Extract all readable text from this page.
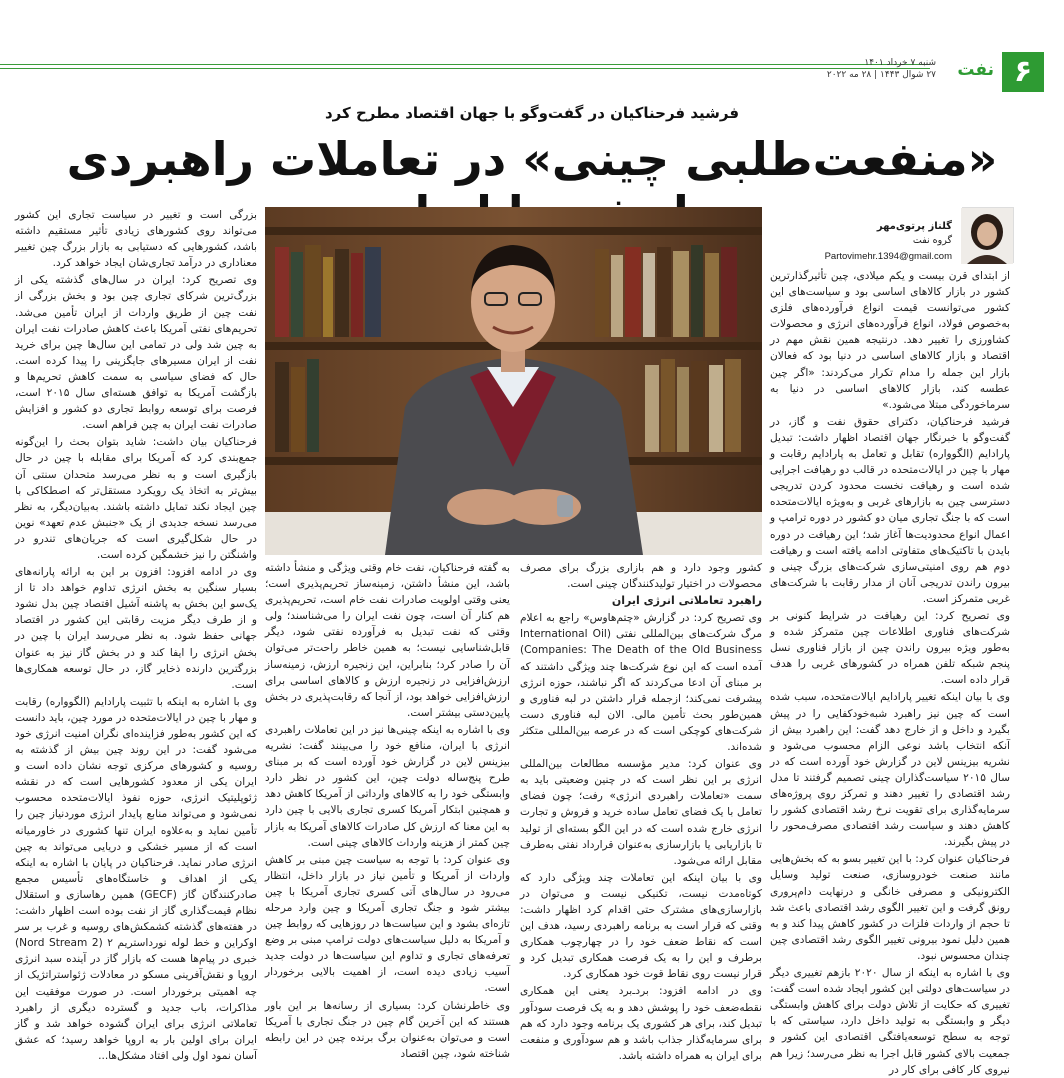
۶
نفت
شنبه ۷ خرداد ۱۴۰۱
۲۷ شوال ۱۴۴۳ | ۲۸ مه ۲۰۲۲
فرشید فرحناکیان در گفت‌وگو با جهان اقتصاد مطرح کرد
«منفعت‌طلبی چینی» در تعاملات راهبردی
گلناز پرتوی‌مهر
گروه نفت
Partovimehr.1394@gmail.com

از ابتدای قرن بیست و یکم میلادی، چین تأثیرگذارترین کشور در بازار کالاهای اساسی بود و سیاست‌های این کشور می‌توانست قیمت انواع فرآورده‌های فلزی به‌خصوص فولاد، انواع فرآورده‌های انرژی و محصولات کشاورزی را تغییر دهد. درنتیجه همین نقش مهم در اقتصاد و بازار کالاهای اساسی در دنیا بود که فعالان بازار این جمله را مدام تکرار می‌کردند: «اگر چین عطسه کند، بازار کالاهای اساسی در دنیا به سرماخوردگی مبتلا می‌شود.»

فرشید فرحناکیان، دکترای حقوق نفت و گاز، در گفت‌وگو با خبرنگار جهان اقتصاد اظهار داشت: تبدیل پارادایم (الگوواره) تقابل و تعامل به پارادایم رقابت و مهار با چین در ایالات‌متحده در قالب دو رهیافت اجرایی شده است و رهیافت نخست محدود کردن تدریجی دسترسی چین به بازارهای غربی و به‌ویژه ایالات‌متحده است که با جنگ تجاری میان دو کشور در دوره ترامپ و اعمال انواع محدودیت‌ها آغاز شد؛ این رهیافت در دوره بایدن با تاکتیک‌های متفاوتی ادامه یافته است و رهیافت دوم هم روی امنیتی‌سازی شرکت‌های بزرگ چینی و بیرون راندن تدریجی آنان از مدار رقابت با شرکت‌های غربی متمرکز است.

وی تصریح کرد: این رهیافت در شرایط کنونی بر شرکت‌های فناوری اطلاعات چین متمرکز شده و به‌طور ویژه بیرون راندن چین از بازار فناوری نسل پنجم شبکه تلفن همراه در کشورهای غربی را هدف قرار داده است.

وی با بیان اینکه تغییر پارادایم ایالات‌متحده، سبب شده است که چین نیز راهبرد شبه‌خودکفایی را در پیش بگیرد و داخل و از خارج دهد گفت: این راهبرد بیش از آنکه انتخاب باشد نوعی الزام محسوب می‌شود و نشریه بیزینس لاین در گزارش خود آورده است که در سال ۲۰۱۵ سیاست‌گذاران چینی تصمیم گرفتند تا مدل رشد اقتصادی را تغییر دهند و تمرکز روی پروژه‌های سرمایه‌گذاری برای تقویت نرخ رشد اقتصادی کشور را کاهش دهند و سیاست رشد اقتصادی مصرف‌محور را در پیش بگیرند.

فرحناکیان عنوان کرد: با این تغییر بسو به که بخش‌هایی مانند صنعت خودروسازی، صنعت تولید وسایل الکترونیکی و مصرفی خانگی و درنهایت دام‌پروری رونق گرفت و این تغییر الگوی رشد اقتصادی باعث شد تا حجم از واردات فلزات در کشور کاهش پیدا کند و به همین دلیل نمود بیرونی تغییر الگوی رشد اقتصادی چین چندان محسوس نبود.

وی با اشاره به اینکه از سال ۲۰۲۰ بازهم تغییری دیگر در سیاست‌های دولتی این کشور ایجاد شده است گفت: تغییری که حکایت از تلاش دولت برای کاهش وابستگی دیگر و وابستگی به تولید داخل دارد، سیاستی که با توجه به سطح توسعه‌یافتگی اقتصادی این کشور و جمعیت بالای کشور قابل اجرا به نظر می‌رسد؛ زیرا هم نیروی کار کافی برای کار در

کشور وجود دارد و هم بازاری بزرگ برای مصرف محصولات در اختیار تولیدکنندگان چینی است.

راهبرد تعاملاتی انرژی ایران

وی تصریح کرد: در گزارش «چتم‌هاوس» راجع به اعلام مرگ شرکت‌های بین‌المللی نفتی (International Oil Companies: The Death of the Old Business) آمده است که این نوع شرکت‌ها چند ویژگی داشتند که بر مبنای آن ادعا می‌کردند که اگر نباشند، حوزه انرژی پیشرفت نمی‌کند؛ ازجمله قرار داشتن در لبه فناوری و همین‌طور بحث تأمین مالی. الان لبه فناوری دست شرکت‌های کوچکی است که در عرصه بین‌المللی متکثر شده‌اند.

وی عنوان کرد: مدیر مؤسسه مطالعات بین‌المللی انرژی بر این نظر است که در چنین وضعیتی باید به سمت «تعاملات راهبردی انرژی» رفت؛ چون فضای تعامل با یک فضای تعامل ساده خرید و فروش و تجارت انرژی خارج شده است که در این الگو بسته‌ای از تولید تا بازاریابی یا بازارسازی به‌عنوان قرارداد نفتی به‌طرف مقابل ارائه می‌شود.

وی با بیان اینکه این تعاملات چند ویژگی دارد که کوتاه‌مدت نیست، تکنیکی نیست و می‌توان در بازارسازی‌های مشترک حتی اقدام کرد اظهار داشت: وقتی که قرار است به برنامه راهبردی رسید، هدف این است که نقاط ضعف خود را در چهارچوب همکاری برطرف و این را به یک فرصت همکاری تبدیل کرد و قرار نیست روی نقاط قوت خود همکاری کرد.

وی در ادامه افزود: برد‌ـ‌برد یعنی این همکاری نقطه‌ضعف خود را پوشش دهد و به یک فرصت سودآور تبدیل کند، برای هر کشوری یک برنامه وجود دارد که هم برای سرمایه‌گذار جذاب باشد و هم سودآوری و منفعت برای ایران به همراه داشته باشد.

به گفته فرحناکیان، نفت خام وقتی ویژگی و منشأ داشته باشد، این منشأ داشتن، زمینه‌ساز تحریم‌پذیری است؛ یعنی وقتی اولویت صادرات نفت خام است، تحریم‌پذیری هم کنار آن است، چون نفت ایران را می‌شناسند؛ ولی وقتی که نفت تبدیل به فرآورده نفتی شود، دیگر قابل‌شناسایی نیست؛ به همین خاطر راحت‌تر می‌توان آن را صادر کرد؛ بنابراین، این زنجیره ارزش، زمینه‌ساز ارزش‌افزایی در زنجیره ارزش و کالاهای اساسی برای ارزش‌افزایی خواهد بود، از آنجا که رقابت‌پذیری در بخش پایین‌دستی بیشتر است.

وی با اشاره به اینکه چینی‌ها نیز در این تعاملات راهبردی انرژی با ایران، منافع خود را می‌بینند گفت: نشریه بیزینس لاین در گزارش خود آورده است که بر مبنای طرح پنج‌ساله دولت چین، این کشور در نظر دارد وابستگی خود را به کالاهای وارداتی از آمریکا کاهش دهد و همچنین ابتکار آمریکا کسری تجاری بالایی با چین دارد به این معنا که ارزش کل صادرات کالاهای آمریکا به بازار چین کمتر از هزینه واردات کالاهای چینی است.

وی عنوان کرد: با توجه به سیاست چین مبنی بر کاهش واردات از آمریکا و تأمین نیاز در بازار داخل، انتظار می‌رود در سال‌های آتی کسری تجاری آمریکا با چین بیشتر شود و جنگ تجاری آمریکا و چین وارد مرحله تازه‌ای بشود و این سیاست‌ها در روزهایی که روابط چین و آمریکا به دلیل سیاست‌های دولت ترامپ مبنی بر وضع تعرفه‌های تجاری و تداوم این سیاست‌ها در دولت جدید آسیب زیادی دیده است، از اهمیت بالایی برخوردار است.

وی خاطرنشان کرد: بسیاری از رسانه‌ها بر این باور هستند که این آخرین گام چین در جنگ تجاری با آمریکا است و می‌توان به‌عنوان برگ برنده چین در این رابطه شناخته شود، چین اقتصاد

بزرگی است و تغییر در سیاست تجاری این کشور می‌تواند روی کشورهای زیادی تأثیر مستقیم داشته باشد، کشورهایی که دستیابی به بازار بزرگ چین تغییر معناداری در درآمد تجاری‌شان ایجاد خواهد کرد.

وی تصریح کرد: ایران در سال‌های گذشته یکی از بزرگ‌ترین شرکای تجاری چین بود و بخش بزرگی از نفت چین از طریق واردات از ایران تأمین می‌شد. تحریم‌های نفتی آمریکا باعث کاهش صادرات نفت ایران به چین شد ولی در تمامی این سال‌ها چین برای خرید نفت از ایران مسیرهای جایگزینی را پیدا کرده است. حال که فضای سیاسی به سمت کاهش تحریم‌ها و بازگشت آمریکا به توافق هسته‌ای سال ۲۰۱۵ است، فرصت برای توسعه روابط تجاری دو کشور و افزایش صادرات نفت ایران به چین فراهم است.

فرحناکیان بیان داشت: شاید بتوان بحث را این‌گونه جمع‌بندی کرد که آمریکا برای مقابله با چین در حال بازگیری است و به نظر می‌رسد متحدان سنتی آن بیش‌تر به اتخاذ یک رویکرد مستقل‌تر که اصطکاکی با چین ایجاد نکند تمایل داشته باشند. به‌بیان‌دیگر، به نظر می‌رسد نسخه جدیدی از یک «جنبش عدم تعهد» نوین در حال شکل‌گیری است که جریان‌های تندرو در واشنگتن را نیز خشمگین کرده است.

وی در ادامه افزود: افزون بر این به ارائه پارانه‌های بسیار سنگین به بخش انرژی تداوم خواهد داد تا از یک‌سو این بخش به پاشنه آشیل اقتصاد چین بدل نشود و از طرف دیگر مزیت رقابتی این کشور در اقتصاد جهانی حفظ شود. به نظر می‌رسد ایران با چین در بخش انرژی را ایفا کند و در بخش گاز نیز به عنوان بزرگترین دارنده ذخایر گاز، در حال توسعه همکاری‌ها است.

وی با اشاره به اینکه با تثبیت پارادایم (الگوواره) رقابت و مهار با چین در ایالات‌متحده در مورد چین، باید دانست که این کشور به‌طور فزاینده‌ای نگران امنیت انرژی خود می‌شود گفت: در این روند چین بیش از گذشته به روسیه و کشورهای مرکزی توجه نشان داده است و ایران یکی از معدود کشورهایی است که در نقشه ژئوپلیتیک انرژی، حوزه نفوذ ایالات‌متحده محسوب نمی‌شود و می‌تواند منابع پایدار انرژی موردنیاز چین را تأمین نماید و به‌علاوه ایران تنها کشوری در خاورمیانه است که از مسیر خشکی و دریایی می‌تواند به چین انرژی صادر نماید. فرحناکیان در پایان با اشاره به اینکه یکی از اهداف و خاستگاه‌های تأسیس مجمع صادرکنندگان گاز (GECF) همین رهاسازی و استقلال نظام قیمت‌گذاری گاز از نفت بوده است اظهار داشت: در هفته‌های گذشته کشمکش‌های روسیه و غرب بر سر اوکراین و خط لوله نورداستریم ۲ (Nord Stream 2) خبری در پیام‌ها هست که بازار گاز در آینده سبد انرژی اروپا و نقش‌آفرینی مسکو در معادلات ژئواستراتژیک از چه اهمیتی برخوردار است. در صورت موفقیت این مذاکرات، باب جدید و گسترده دیگری از راهبرد تعاملاتی انرژی برای ایران گشوده خواهد شد و گاز ایران برای اولین بار به اروپا خواهد رسید؛ که عشق آسان نمود اول ولی افتاد مشکل‌ها...
